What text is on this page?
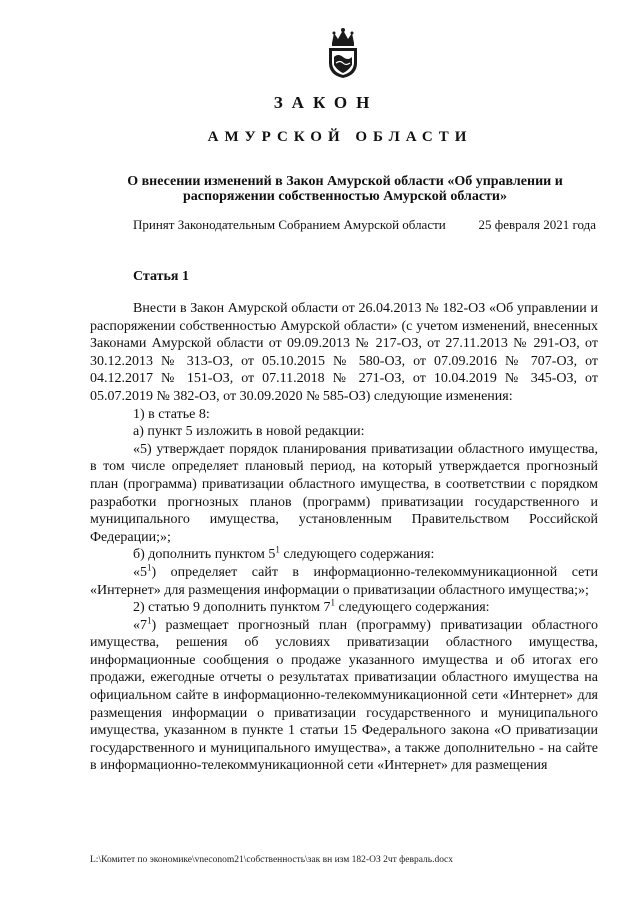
ЗАКОН
АМУРСКОЙ ОБЛАСТИ
О внесении изменений в Закон Амурской области «Об управлении и
распоряжении собственностью Амурской области»
Принят Законодательным Собранием Амурской области	25 февраля 2021 года
Статья 1

Внести в Закон Амурской области от 26.04.2013 № 182-ОЗ «Об управлении и распоряжении собственностью Амурской области» (с учетом изменений, внесенных Законами Амурской области от 09.09.2013 № 217-ОЗ, от 27.11.2013 № 291-ОЗ, от 30.12.2013 № 313-ОЗ, от 05.10.2015 № 580-ОЗ, от 07.09.2016 № 707-ОЗ, от 04.12.2017 № 151-ОЗ, от 07.11.2018 № 271-ОЗ, от 10.04.2019 № 345-ОЗ, от 05.07.2019 № 382-ОЗ, от 30.09.2020 № 585-ОЗ) следующие изменения:

1) в статье 8:

а) пункт 5 изложить в новой редакции:

«5) утверждает порядок планирования приватизации областного имущества, в том числе определяет плановый период, на который утверждается прогнозный план (программа) приватизации областного имущества, в соответствии с порядком разработки прогнозных планов (программ) приватизации государственного и муниципального имущества, установленным Правительством Российской Федерации;»;

б) дополнить пунктом $5^1$ следующего содержания:

«$5^1$) определяет сайт в информационно-телекоммуникационной сети «Интернет» для размещения информации о приватизации областного имущества;»;

2) статью 9 дополнить пунктом $7^1$ следующего содержания:

«$7^1$) размещает прогнозный план (программу) приватизации областного имущества, решения об условиях приватизации областного имущества, информационные сообщения о продаже указанного имущества и об итогах его продажи, ежегодные отчеты о результатах приватизации областного имущества на официальном сайте в информационно-телекоммуникационной сети «Интернет» для размещения информации о приватизации государственного и муниципального имущества, указанном в пункте 1 статьи 15 Федерального закона «О приватизации государственного и муниципального имущества», а также дополнительно - на сайте в информационно-телекоммуникационной сети «Интернет» для размещения

L:\Комитет по экономике\vneconom21\собственность\зак вн изм 182-ОЗ 2чт февраль.docx
